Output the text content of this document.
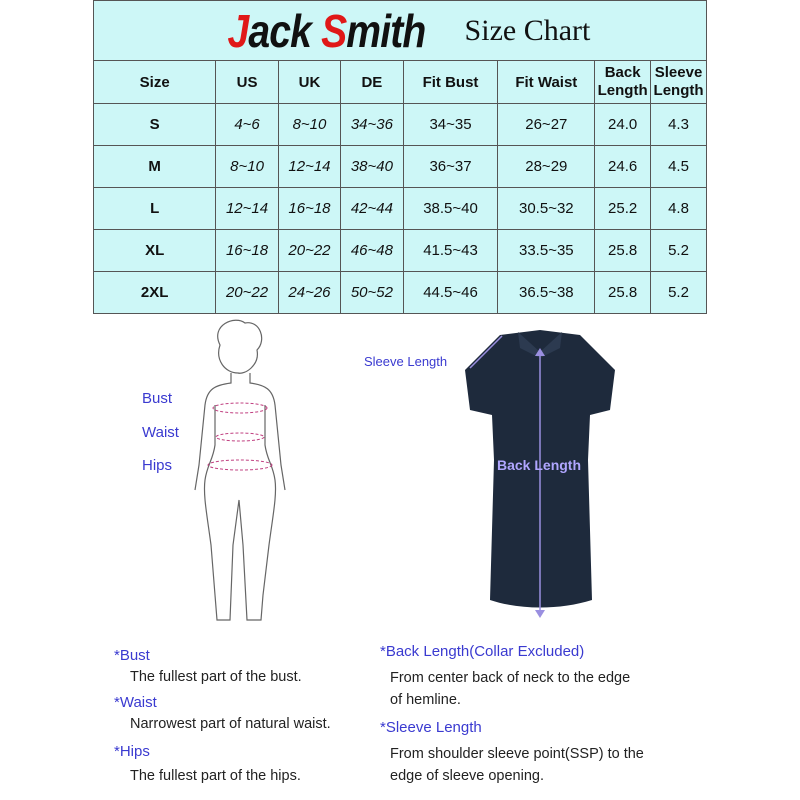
Jack Smith Size Chart							
Size	US	UK	DE	Fit Bust	Fit Waist	Back Length	Sleeve Length
S	4~6	8~10	34~36	34~35	26~27	24.0	4.3
M	8~10	12~14	38~40	36~37	28~29	24.6	4.5
L	12~14	16~18	42~44	38.5~40	30.5~32	25.2	4.8
XL	16~18	20~22	46~48	41.5~43	33.5~35	25.8	5.2
2XL	20~22	24~26	50~52	44.5~46	36.5~38	25.8	5.2
Bust
Waist
Hips
Sleeve Length
Back Length
*Bust
The fullest part of the bust.
*Waist
Narrowest part of natural waist.
*Hips
The fullest part of the hips.
*Back Length(Collar Excluded)
From center back of neck to the edge
of hemline.
*Sleeve Length
From shoulder sleeve point(SSP) to the
edge of sleeve opening.
